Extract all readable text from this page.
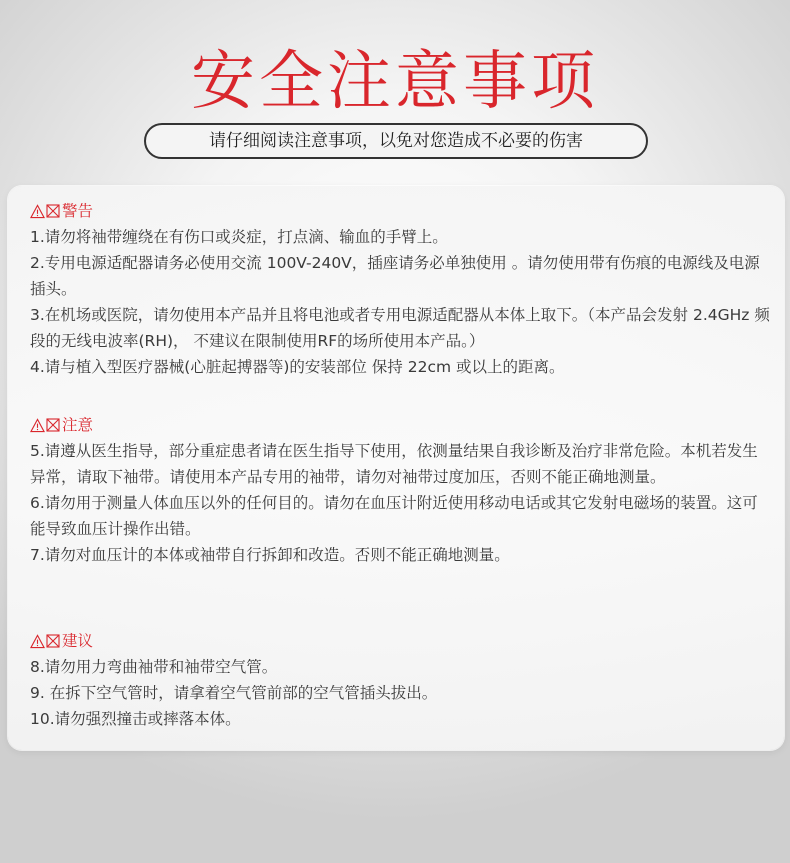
安全注意事项
请仔细阅读注意事项，以免对您造成不必要的伤害
警告

1.请勿将袖带缠绕在有伤口或炎症，打点滴、输血的手臂上。

2.专用电源适配器请务必使用交流 100V-240V，插座请务必单独使用 。请勿使用带有伤痕的电源线及电源插头。

3.在机场或医院，请勿使用本产品并且将电池或者专用电源适配器从本体上取下。（本产品会发射 2.4GHz 频段的无线电波率(RH)， 不建议在限制使用RF的场所使用本产品。）

4.请与植入型医疗器械(心脏起搏器等)的安装部位 保持 22cm 或以上的距离。

注意

5.请遵从医生指导，部分重症患者请在医生指导下使用，依测量结果自我诊断及治疗非常危险。本机若发生异常，请取下袖带。请使用本产品专用的袖带，请勿对袖带过度加压，否则不能正确地测量。

6.请勿用于测量人体血压以外的任何目的。请勿在血压计附近使用移动电话或其它发射电磁场的装置。这可能导致血压计操作出错。

7.请勿对血压计的本体或袖带自行拆卸和改造。否则不能正确地测量。

建议

8.请勿用力弯曲袖带和袖带空气管。

9. 在拆下空气管时，请拿着空气管前部的空气管插头拔出。

10.请勿强烈撞击或摔落本体。
